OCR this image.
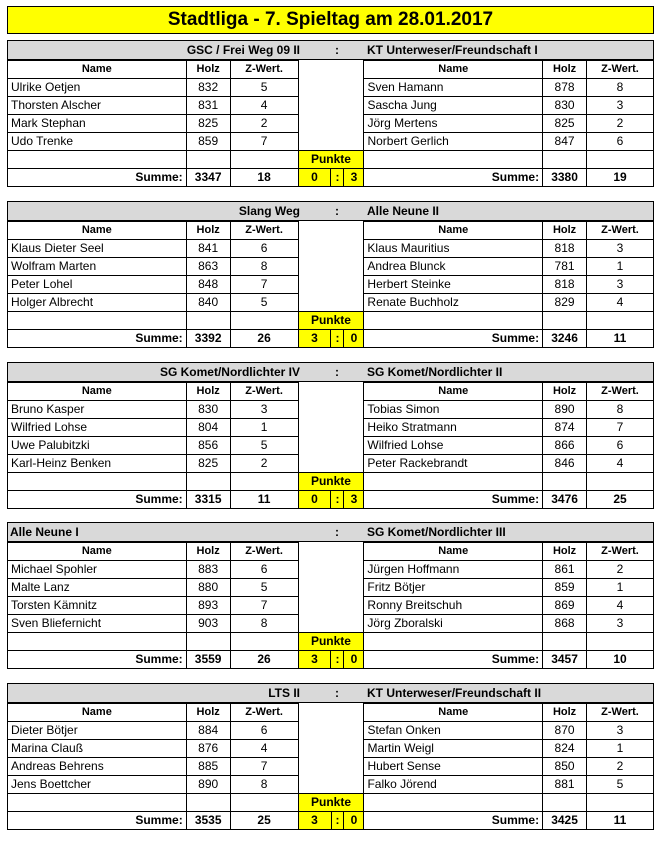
Stadtliga - 7. Spieltag am 28.01.2017
GSC / Frei Weg 09 II	:	KT Unterweser/Freundschaft I
Name	Holz	Z-Wert.				Name	Holz	Z-Wert.
Ulrike Oetjen	832	5				Sven Hamann	878	8
Thorsten Alscher	831	4				Sascha Jung	830	3
Mark Stephan	825	2				Jörg Mertens	825	2
Udo Trenke	859	7				Norbert Gerlich	847	6
			Punkte					
Summe:	3347	18	0	:	3	Summe:	3380	19
Slang Weg	:	Alle Neune II
Name	Holz	Z-Wert.				Name	Holz	Z-Wert.
Klaus Dieter Seel	841	6				Klaus Mauritius	818	3
Wolfram Marten	863	8				Andrea Blunck	781	1
Peter Lohel	848	7				Herbert Steinke	818	3
Holger Albrecht	840	5				Renate Buchholz	829	4
			Punkte					
Summe:	3392	26	3	:	0	Summe:	3246	11
SG Komet/Nordlichter IV	:	SG Komet/Nordlichter II
Name	Holz	Z-Wert.				Name	Holz	Z-Wert.
Bruno Kasper	830	3				Tobias Simon	890	8
Wilfried Lohse	804	1				Heiko Stratmann	874	7
Uwe Palubitzki	856	5				Wilfried Lohse	866	6
Karl-Heinz Benken	825	2				Peter Rackebrandt	846	4
			Punkte					
Summe:	3315	11	0	:	3	Summe:	3476	25
Alle Neune I	:	SG Komet/Nordlichter III
Name	Holz	Z-Wert.				Name	Holz	Z-Wert.
Michael Spohler	883	6				Jürgen Hoffmann	861	2
Malte Lanz	880	5				Fritz Bötjer	859	1
Torsten Kämnitz	893	7				Ronny Breitschuh	869	4
Sven Bliefernicht	903	8				Jörg Zboralski	868	3
			Punkte					
Summe:	3559	26	3	:	0	Summe:	3457	10
LTS II	:	KT Unterweser/Freundschaft II
Name	Holz	Z-Wert.				Name	Holz	Z-Wert.
Dieter Bötjer	884	6				Stefan Onken	870	3
Marina Clauß	876	4				Martin Weigl	824	1
Andreas Behrens	885	7				Hubert Sense	850	2
Jens Boettcher	890	8				Falko Jörend	881	5
			Punkte					
Summe:	3535	25	3	:	0	Summe:	3425	11
